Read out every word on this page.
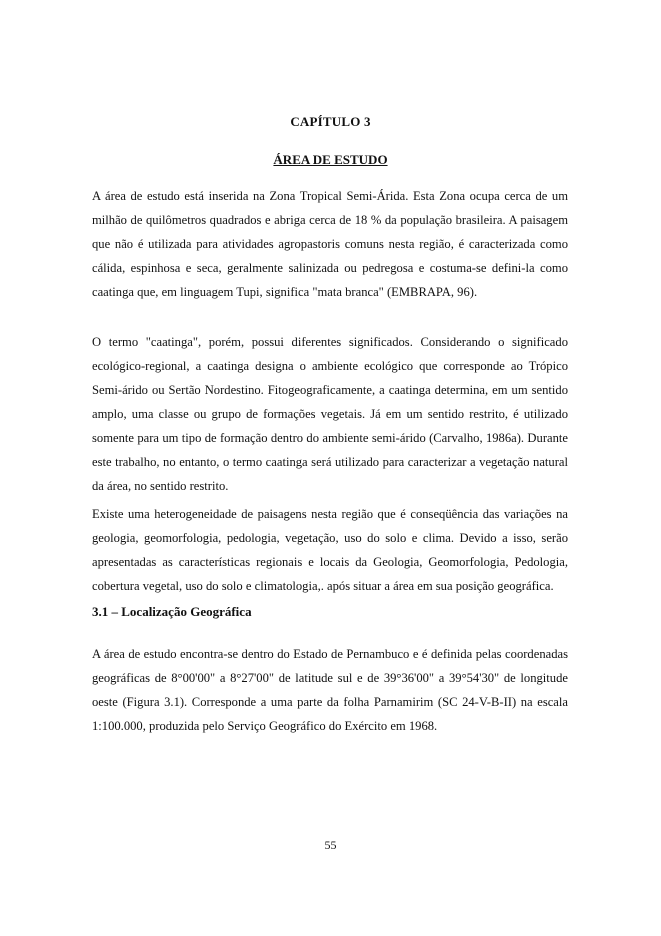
CAPÍTULO 3
ÁREA DE ESTUDO

A área de estudo está inserida na Zona Tropical Semi-Árida. Esta Zona ocupa cerca de um milhão de quilômetros quadrados e abriga cerca de 18 % da população brasileira. A paisagem que não é utilizada para atividades agropastoris comuns nesta região, é caracterizada como cálida, espinhosa e seca, geralmente salinizada ou pedregosa e costuma-se defini-la como caatinga que, em linguagem Tupi, significa "mata branca" (EMBRAPA, 96).

O termo "caatinga", porém, possui diferentes significados. Considerando o significado ecológico-regional, a caatinga designa o ambiente ecológico que corresponde ao Trópico Semi-árido ou Sertão Nordestino. Fitogeograficamente, a caatinga determina, em um sentido amplo, uma classe ou grupo de formações vegetais. Já em um sentido restrito, é utilizado somente para um tipo de formação dentro do ambiente semi-árido (Carvalho, 1986a). Durante este trabalho, no entanto, o termo caatinga será utilizado para caracterizar a vegetação natural da área, no sentido restrito.

Existe uma heterogeneidade de paisagens nesta região que é conseqüência das variações na geologia, geomorfologia, pedologia, vegetação, uso do solo e clima. Devido a isso, serão apresentadas as características regionais e locais da Geologia, Geomorfologia, Pedologia, cobertura vegetal, uso do solo e climatologia,. após situar a área em sua posição geográfica.

3.1 – Localização Geográfica

A área de estudo encontra-se dentro do Estado de Pernambuco e é definida pelas coordenadas geográficas de 8°00'00" a 8°27'00" de latitude sul e de 39°36'00" a 39°54'30" de longitude oeste (Figura 3.1). Corresponde a uma parte da folha Parnamirim (SC 24-V-B-II) na escala 1:100.000, produzida pelo Serviço Geográfico do Exército em 1968.

55
